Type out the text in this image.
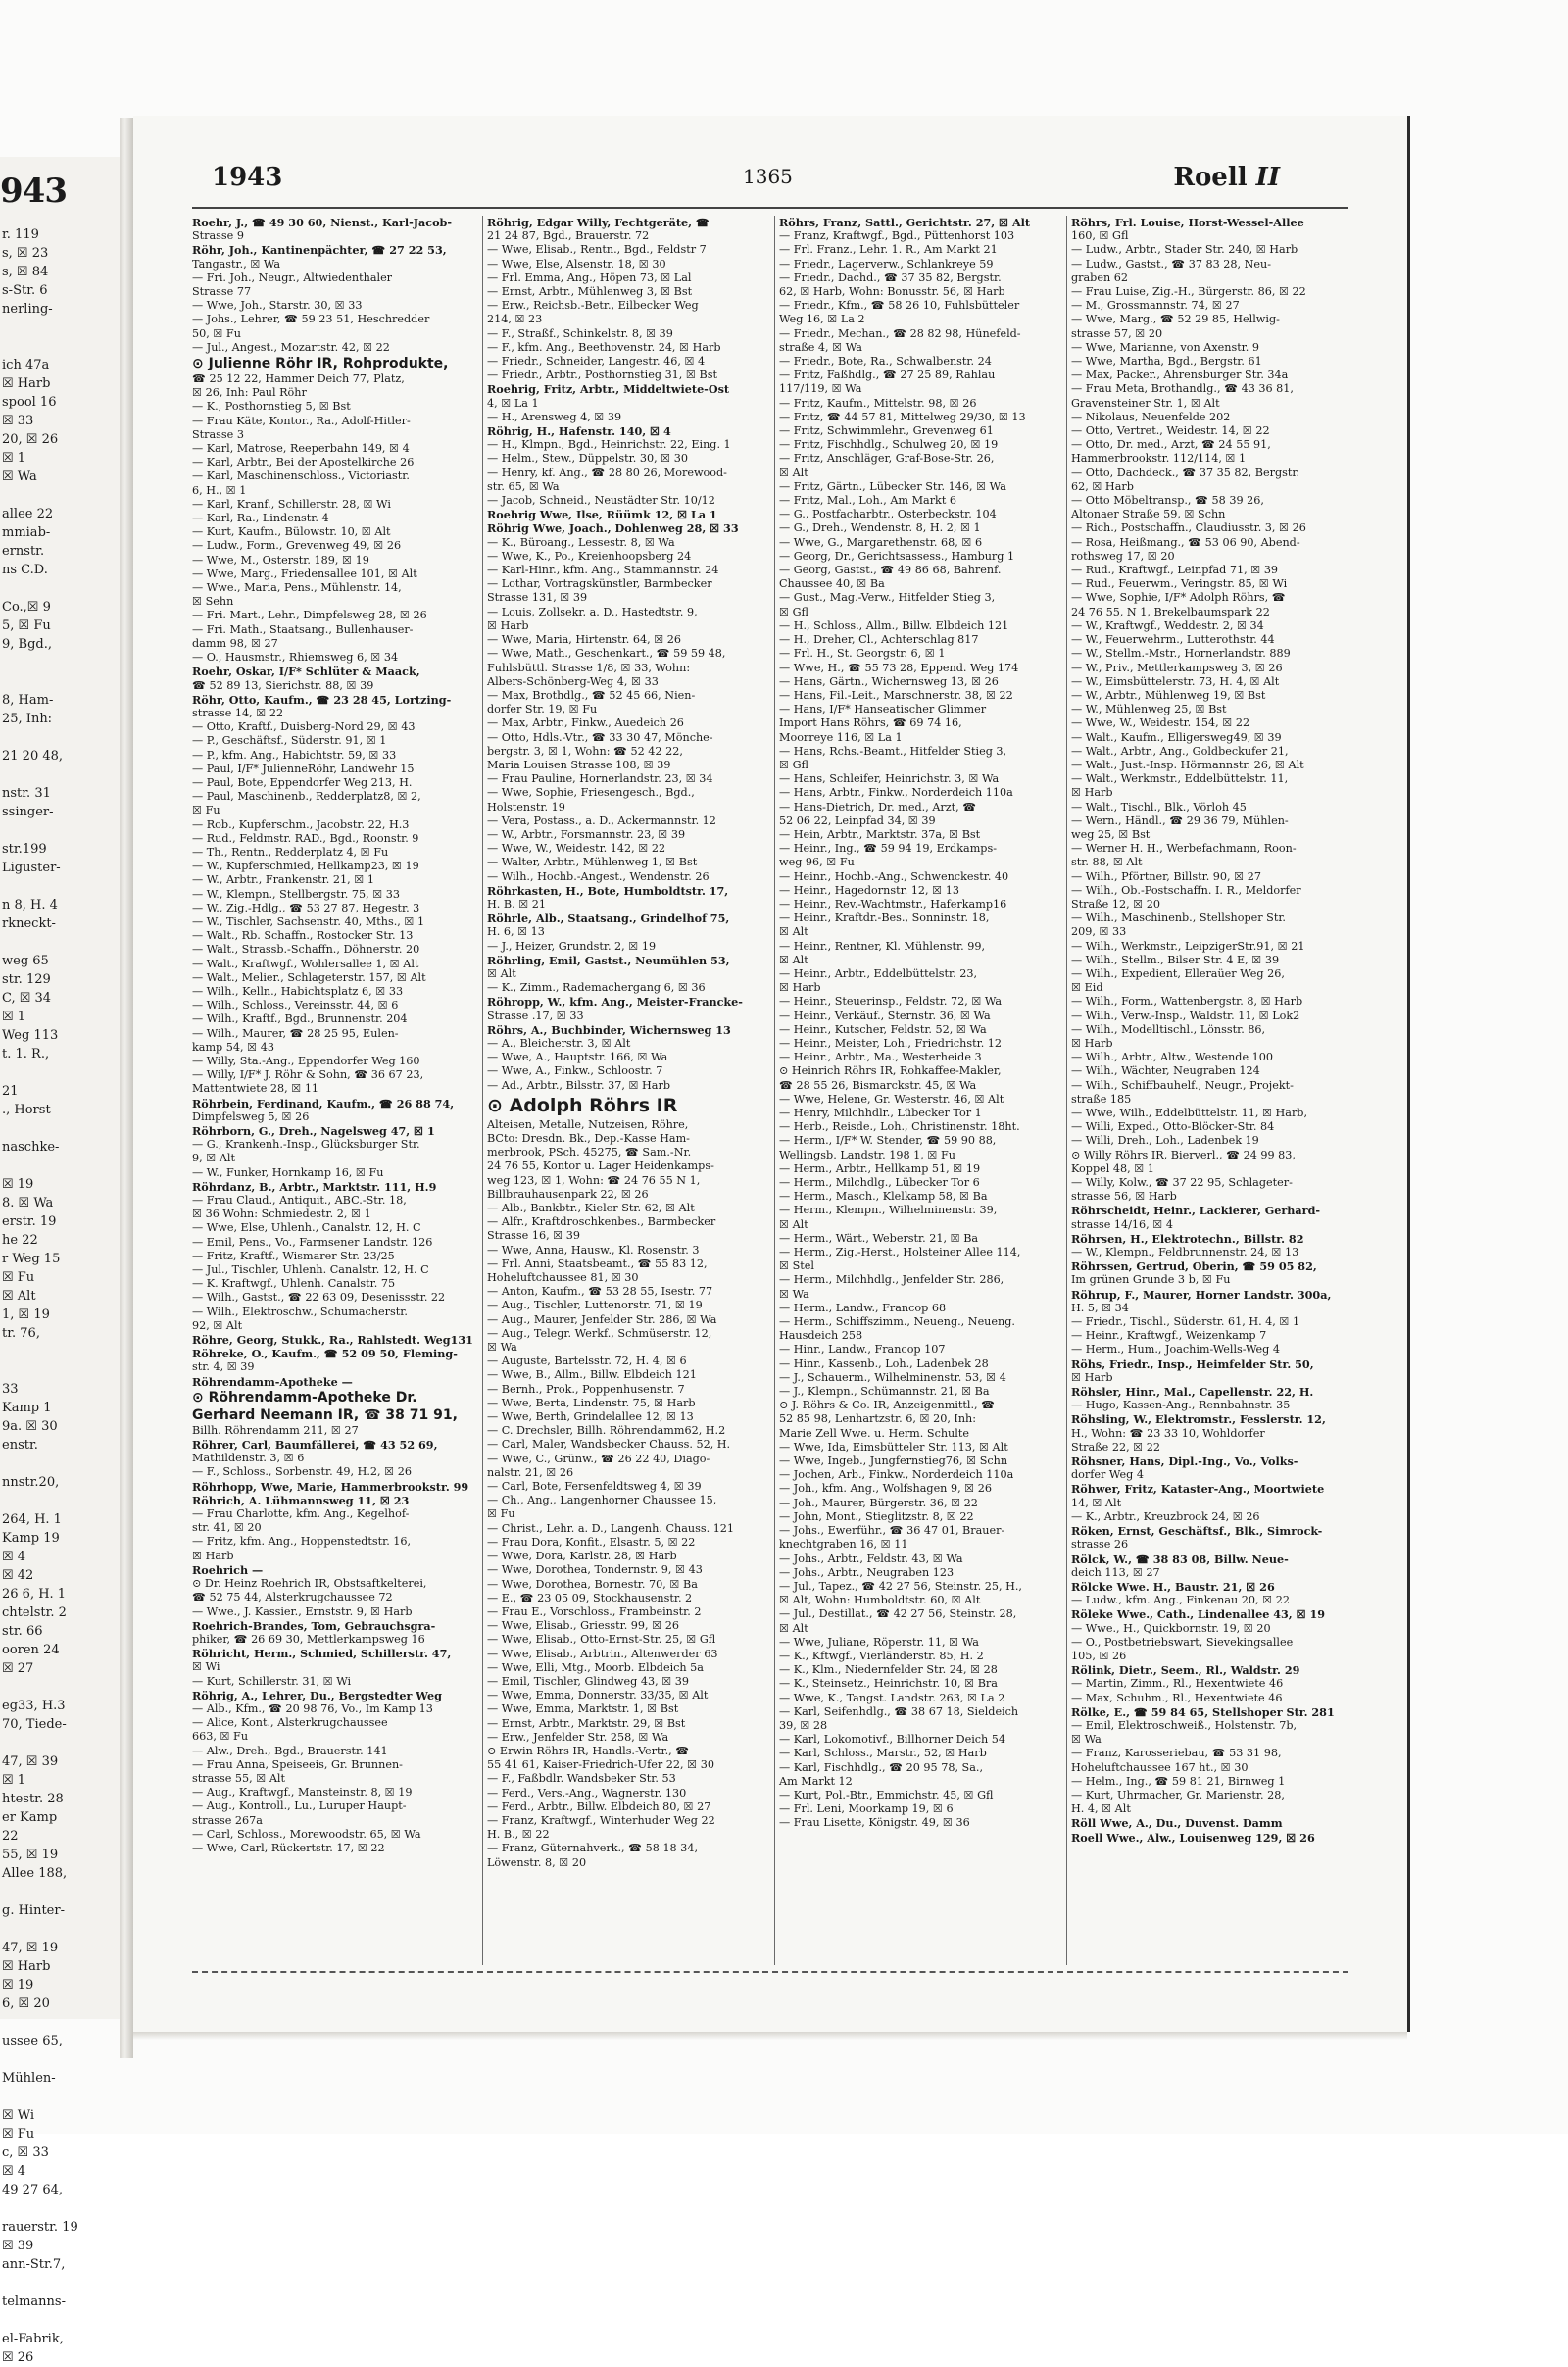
943
r. 119
s, ☒ 23
s, ☒ 84
s-Str. 6
nerling-

ich 47a
☒ Harb
spool 16
☒ 33
20, ☒ 26
☒ 1
☒ Wa

allee 22
mmiab-
ernstr.
ns C.D.

Co.,☒ 9
5, ☒ Fu
9, Bgd.,

8, Ham-
25, Inh:

21 20 48,

nstr. 31
ssinger-

str.199
Liguster-

n 8, H. 4
rkneckt-

weg 65
str. 129
C, ☒ 34
☒ 1
Weg 113
t. 1. R.,

21
., Horst-

naschke-

☒ 19
8. ☒ Wa
erstr. 19
he 22
r Weg 15
☒ Fu
☒ Alt
1, ☒ 19
tr. 76,

33
Kamp 1
9a. ☒ 30
enstr.

nnstr.20,

264, H. 1
Kamp 19
☒ 4
☒ 42
26 6, H. 1
chtelstr. 2
str. 66
ooren 24
☒ 27

eg33, H.3
70, Tiede-

47, ☒ 39
☒ 1
htestr. 28
er Kamp
22
55, ☒ 19
Allee 188,

g. Hinter-

47, ☒ 19
☒ Harb
☒ 19
6, ☒ 20

ussee 65,

Mühlen-

☒ Wi
☒ Fu
c, ☒ 33
☒ 4
49 27 64,

rauerstr. 19
☒ 39
ann-Str.7,

telmanns-

el-Fabrik,
☒ 26
1943	1365	Roell II
Roehr, J., ☎ 49 30 60, Nienst., Karl-Jacob-
Strasse 9
Röhr, Joh., Kantinenpächter, ☎ 27 22 53,
Tangastr., ☒ Wa
— Fri. Joh., Neugr., Altwiedenthaler
Strasse 77
— Wwe, Joh., Starstr. 30, ☒ 33
— Johs., Lehrer, ☎ 59 23 51, Heschredder
50, ☒ Fu
— Jul., Angest., Mozartstr. 42, ☒ 22
⊙ Julienne Röhr IR, Rohprodukte,
☎ 25 12 22, Hammer Deich 77, Platz,
☒ 26, Inh: Paul Röhr
— K., Posthornstieg 5, ☒ Bst
— Frau Käte, Kontor., Ra., Adolf-Hitler-
Strasse 3
— Karl, Matrose, Reeperbahn 149, ☒ 4
— Karl, Arbtr., Bei der Apostelkirche 26
— Karl, Maschinenschloss., Victoriastr.
6, H., ☒ 1
— Karl, Kranf., Schillerstr. 28, ☒ Wi
— Karl, Ra., Lindenstr. 4
— Kurt, Kaufm., Bülowstr. 10, ☒ Alt
— Ludw., Form., Grevenweg 49, ☒ 26
— Wwe, M., Osterstr. 189, ☒ 19
— Wwe, Marg., Friedensallee 101, ☒ Alt
— Wwe., Maria, Pens., Mühlenstr. 14,
☒ Sehn
— Fri. Mart., Lehr., Dimpfelsweg 28, ☒ 26
— Fri. Math., Staatsang., Bullenhauser-
damm 98, ☒ 27
— O., Hausmstr., Rhiemsweg 6, ☒ 34
Roehr, Oskar, I/F* Schlüter & Maack,
☎ 52 89 13, Sierichstr. 88, ☒ 39
Röhr, Otto, Kaufm., ☎ 23 28 45, Lortzing-
strasse 14, ☒ 22
— Otto, Kraftf., Duisberg-Nord 29, ☒ 43
— P., Geschäftsf., Süderstr. 91, ☒ 1
— P., kfm. Ang., Habichtstr. 59, ☒ 33
— Paul, I/F* JulienneRöhr, Landwehr 15
— Paul, Bote, Eppendorfer Weg 213, H.
— Paul, Maschinenb., Redderplatz8, ☒ 2,
☒ Fu
— Rob., Kupferschm., Jacobstr. 22, H.3
— Rud., Feldmstr. RAD., Bgd., Roonstr. 9
— Th., Rentn., Redderplatz 4, ☒ Fu
— W., Kupferschmied, Hellkamp23, ☒ 19
— W., Arbtr., Frankenstr. 21, ☒ 1
— W., Klempn., Stellbergstr. 75, ☒ 33
— W., Zig.-Hdlg., ☎ 53 27 87, Hegestr. 3
— W., Tischler, Sachsenstr. 40, Mths., ☒ 1
— Walt., Rb. Schaffn., Rostocker Str. 13
— Walt., Strassb.-Schaffn., Döhnerstr. 20
— Walt., Kraftwgf., Wohlersallee 1, ☒ Alt
— Walt., Melier., Schlageterstr. 157, ☒ Alt
— Wilh., Kelln., Habichtsplatz 6, ☒ 33
— Wilh., Schloss., Vereinsstr. 44, ☒ 6
— Wilh., Kraftf., Bgd., Brunnenstr. 204
— Wilh., Maurer, ☎ 28 25 95, Eulen-
kamp 54, ☒ 43
— Willy, Sta.-Ang., Eppendorfer Weg 160
— Willy, I/F* J. Röhr & Sohn, ☎ 36 67 23,
Mattentwiete 28, ☒ 11
Röhrbein, Ferdinand, Kaufm., ☎ 26 88 74,
Dimpfelsweg 5, ☒ 26
Röhrborn, G., Dreh., Nagelsweg 47, ☒ 1
— G., Krankenh.-Insp., Glücksburger Str.
9, ☒ Alt
— W., Funker, Hornkamp 16, ☒ Fu
Röhrdanz, B., Arbtr., Marktstr. 111, H.9
— Frau Claud., Antiquit., ABC.-Str. 18,
☒ 36 Wohn: Schmiedestr. 2, ☒ 1
— Wwe, Else, Uhlenh., Canalstr. 12, H. C
— Emil, Pens., Vo., Farmsener Landstr. 126
— Fritz, Kraftf., Wismarer Str. 23/25
— Jul., Tischler, Uhlenh. Canalstr. 12, H. C
— K. Kraftwgf., Uhlenh. Canalstr. 75
— Wilh., Gastst., ☎ 22 63 09, Desenissstr. 22
— Wilh., Elektroschw., Schumacherstr.
92, ☒ Alt
Röhre, Georg, Stukk., Ra., Rahlstedt. Weg131
Röhreke, O., Kaufm., ☎ 52 09 50, Fleming-
str. 4, ☒ 39
Röhrendamm-Apotheke —
⊙ Röhrendamm-Apotheke Dr.
Gerhard Neemann IR, ☎ 38 71 91,
Billh. Röhrendamm 211, ☒ 27
Röhrer, Carl, Baumfällerei, ☎ 43 52 69,
Mathildenstr. 3, ☒ 6
— F., Schloss., Sorbenstr. 49, H.2, ☒ 26
Röhrhopp, Wwe, Marie, Hammerbrookstr. 99
Röhrich, A. Lühmannsweg 11, ☒ 23
— Frau Charlotte, kfm. Ang., Kegelhof-
str. 41, ☒ 20
— Fritz, kfm. Ang., Hoppenstedtstr. 16,
☒ Harb
Roehrich —
⊙ Dr. Heinz Roehrich IR, Obstsaftkelterei,
☎ 52 75 44, Alsterkrugchaussee 72
— Wwe., J. Kassier., Ernststr. 9, ☒ Harb
Roehrich-Brandes, Tom, Gebrauchsgra-
phiker, ☎ 26 69 30, Mettlerkampsweg 16
Röhricht, Herm., Schmied, Schillerstr. 47,
☒ Wi
— Kurt, Schillerstr. 31, ☒ Wi
Röhrig, A., Lehrer, Du., Bergstedter Weg
— Alb., Kfm., ☎ 20 98 76, Vo., Im Kamp 13
— Alice, Kont., Alsterkrugchaussee
663, ☒ Fu
— Alw., Dreh., Bgd., Brauerstr. 141
— Frau Anna, Speiseeis, Gr. Brunnen-
strasse 55, ☒ Alt
— Aug., Kraftwgf., Mansteinstr. 8, ☒ 19
— Aug., Kontroll., Lu., Luruper Haupt-
strasse 267a
— Carl, Schloss., Morewoodstr. 65, ☒ Wa
— Wwe, Carl, Rückertstr. 17, ☒ 22
Röhrig, Edgar Willy, Fechtgeräte, ☎
21 24 87, Bgd., Brauerstr. 72
— Wwe, Elisab., Rentn., Bgd., Feldstr 7
— Wwe, Else, Alsenstr. 18, ☒ 30
— Frl. Emma, Ang., Höpen 73, ☒ Lal
— Ernst, Arbtr., Mühlenweg 3, ☒ Bst
— Erw., Reichsb.-Betr., Eilbecker Weg
214, ☒ 23
— F., Straßf., Schinkelstr. 8, ☒ 39
— F., kfm. Ang., Beethovenstr. 24, ☒ Harb
— Friedr., Schneider, Langestr. 46, ☒ 4
— Friedr., Arbtr., Posthornstieg 31, ☒ Bst
Roehrig, Fritz, Arbtr., Middeltwiete-Ost
4, ☒ La 1
— H., Arensweg 4, ☒ 39
Röhrig, H., Hafenstr. 140, ☒ 4
— H., Klmpn., Bgd., Heinrichstr. 22, Eing. 1
— Helm., Stew., Düppelstr. 30, ☒ 30
— Henry, kf. Ang., ☎ 28 80 26, Morewood-
str. 65, ☒ Wa
— Jacob, Schneid., Neustädter Str. 10/12
Roehrig Wwe, Ilse, Rüümk 12, ☒ La 1
Röhrig Wwe, Joach., Dohlenweg 28, ☒ 33
— K., Büroang., Lessestr. 8, ☒ Wa
— Wwe, K., Po., Kreienhoopsberg 24
— Karl-Hinr., kfm. Ang., Stammannstr. 24
— Lothar, Vortragskünstler, Barmbecker
Strasse 131, ☒ 39
— Louis, Zollsekr. a. D., Hastedtstr. 9,
☒ Harb
— Wwe, Maria, Hirtenstr. 64, ☒ 26
— Wwe, Math., Geschenkart., ☎ 59 59 48,
Fuhlsbüttl. Strasse 1/8, ☒ 33, Wohn:
Albers-Schönberg-Weg 4, ☒ 33
— Max, Brothdlg., ☎ 52 45 66, Nien-
dorfer Str. 19, ☒ Fu
— Max, Arbtr., Finkw., Auedeich 26
— Otto, Hdls.-Vtr., ☎ 33 30 47, Mönche-
bergstr. 3, ☒ 1, Wohn: ☎ 52 42 22,
Maria Louisen Strasse 108, ☒ 39
— Frau Pauline, Hornerlandstr. 23, ☒ 34
— Wwe, Sophie, Friesengesch., Bgd.,
Holstenstr. 19
— Vera, Postass., a. D., Ackermannstr. 12
— W., Arbtr., Forsmannstr. 23, ☒ 39
— Wwe, W., Weidestr. 142, ☒ 22
— Walter, Arbtr., Mühlenweg 1, ☒ Bst
— Wilh., Hochb.-Angest., Wendenstr. 26
Röhrkasten, H., Bote, Humboldtstr. 17,
H. B. ☒ 21
Röhrle, Alb., Staatsang., Grindelhof 75,
H. 6, ☒ 13
— J., Heizer, Grundstr. 2, ☒ 19
Röhrling, Emil, Gastst., Neumühlen 53,
☒ Alt
— K., Zimm., Rademachergang 6, ☒ 36
Röhropp, W., kfm. Ang., Meister-Francke-
Strasse .17, ☒ 33
Röhrs, A., Buchbinder, Wichernsweg 13
— A., Bleicherstr. 3, ☒ Alt
— Wwe, A., Hauptstr. 166, ☒ Wa
— Wwe, A., Finkw., Schloostr. 7
— Ad., Arbtr., Bilsstr. 37, ☒ Harb
⊙ Adolph Röhrs IR
Alteisen, Metalle, Nutzeisen, Röhre,
BCto: Dresdn. Bk., Dep.-Kasse Ham-
merbrook, PSch. 45275, ☎ Sam.-Nr.
24 76 55, Kontor u. Lager Heidenkamps-
weg 123, ☒ 1, Wohn: ☎ 24 76 55 N 1,
Billbrauhausenpark 22, ☒ 26
— Alb., Bankbtr., Kieler Str. 62, ☒ Alt
— Alfr., Kraftdroschkenbes., Barmbecker
Strasse 16, ☒ 39
— Wwe, Anna, Hausw., Kl. Rosenstr. 3
— Frl. Anni, Staatsbeamt., ☎ 55 83 12,
Hoheluftchaussee 81, ☒ 30
— Anton, Kaufm., ☎ 53 28 55, Isestr. 77
— Aug., Tischler, Luttenorstr. 71, ☒ 19
— Aug., Maurer, Jenfelder Str. 286, ☒ Wa
— Aug., Telegr. Werkf., Schmüserstr. 12,
☒ Wa
— Auguste, Bartelsstr. 72, H. 4, ☒ 6
— Wwe, B., Allm., Billw. Elbdeich 121
— Bernh., Prok., Poppenhusenstr. 7
— Wwe, Berta, Lindenstr. 75, ☒ Harb
— Wwe, Berth, Grindelallee 12, ☒ 13
— C. Drechsler, Billh. Röhrendamm62, H.2
— Carl, Maler, Wandsbecker Chauss. 52, H.
— Wwe, C., Grünw., ☎ 26 22 40, Diago-
nalstr. 21, ☒ 26
— Carl, Bote, Fersenfeldtsweg 4, ☒ 39
— Ch., Ang., Langenhorner Chaussee 15,
☒ Fu
— Christ., Lehr. a. D., Langenh. Chauss. 121
— Frau Dora, Konfit., Elsastr. 5, ☒ 22
— Wwe, Dora, Karlstr. 28, ☒ Harb
— Wwe, Dorothea, Tondernstr. 9, ☒ 43
— Wwe, Dorothea, Bornestr. 70, ☒ Ba
— E., ☎ 23 05 09, Stockhausenstr. 2
— Frau E., Vorschloss., Frambeinstr. 2
— Wwe, Elisab., Griesstr. 99, ☒ 26
— Wwe, Elisab., Otto-Ernst-Str. 25, ☒ Gfl
— Wwe, Elisab., Arbtrin., Altenwerder 63
— Wwe, Elli, Mtg., Moorb. Elbdeich 5a
— Emil, Tischler, Glindweg 43, ☒ 39
— Wwe, Emma, Donnerstr. 33/35, ☒ Alt
— Wwe, Emma, Marktstr. 1, ☒ Bst
— Ernst, Arbtr., Marktstr. 29, ☒ Bst
— Erw., Jenfelder Str. 258, ☒ Wa
⊙ Erwin Röhrs IR, Handls.-Vertr., ☎
55 41 61, Kaiser-Friedrich-Ufer 22, ☒ 30
— F., Faßbdlr. Wandsbeker Str. 53
— Ferd., Vers.-Ang., Wagnerstr. 130
— Ferd., Arbtr., Billw. Elbdeich 80, ☒ 27
— Franz, Kraftwgf., Winterhuder Weg 22
H. B., ☒ 22
— Franz, Güternahverk., ☎ 58 18 34,
Löwenstr. 8, ☒ 20
Röhrs, Franz, Sattl., Gerichtstr. 27, ☒ Alt
— Franz, Kraftwgf., Bgd., Püttenhorst 103
— Frl. Franz., Lehr. 1. R., Am Markt 21
— Friedr., Lagerverw., Schlankreye 59
— Friedr., Dachd., ☎ 37 35 82, Bergstr.
62, ☒ Harb, Wohn: Bonusstr. 56, ☒ Harb
— Friedr., Kfm., ☎ 58 26 10, Fuhlsbütteler
Weg 16, ☒ La 2
— Friedr., Mechan., ☎ 28 82 98, Hünefeld-
straße 4, ☒ Wa
— Friedr., Bote, Ra., Schwalbenstr. 24
— Fritz, Faßhdlg., ☎ 27 25 89, Rahlau
117/119, ☒ Wa
— Fritz, Kaufm., Mittelstr. 98, ☒ 26
— Fritz, ☎ 44 57 81, Mittelweg 29/30, ☒ 13
— Fritz, Schwimmlehr., Grevenweg 61
— Fritz, Fischhdlg., Schulweg 20, ☒ 19
— Fritz, Anschläger, Graf-Bose-Str. 26,
☒ Alt
— Fritz, Gärtn., Lübecker Str. 146, ☒ Wa
— Fritz, Mal., Loh., Am Markt 6
— G., Postfacharbtr., Osterbeckstr. 104
— G., Dreh., Wendenstr. 8, H. 2, ☒ 1
— Wwe, G., Margarethenstr. 68, ☒ 6
— Georg, Dr., Gerichtsassess., Hamburg 1
— Georg, Gastst., ☎ 49 86 68, Bahrenf.
Chaussee 40, ☒ Ba
— Gust., Mag.-Verw., Hitfelder Stieg 3,
☒ Gfl
— H., Schloss., Allm., Billw. Elbdeich 121
— H., Dreher, Cl., Achterschlag 817
— Frl. H., St. Georgstr. 6, ☒ 1
— Wwe, H., ☎ 55 73 28, Eppend. Weg 174
— Hans, Gärtn., Wichernsweg 13, ☒ 26
— Hans, Fil.-Leit., Marschnerstr. 38, ☒ 22
— Hans, I/F* Hanseatischer Glimmer
Import Hans Röhrs, ☎ 69 74 16,
Moorreye 116, ☒ La 1
— Hans, Rchs.-Beamt., Hitfelder Stieg 3,
☒ Gfl
— Hans, Schleifer, Heinrichstr. 3, ☒ Wa
— Hans, Arbtr., Finkw., Norderdeich 110a
— Hans-Dietrich, Dr. med., Arzt, ☎
52 06 22, Leinpfad 34, ☒ 39
— Hein, Arbtr., Marktstr. 37a, ☒ Bst
— Heinr., Ing., ☎ 59 94 19, Erdkamps-
weg 96, ☒ Fu
— Heinr., Hochb.-Ang., Schwenckestr. 40
— Heinr., Hagedornstr. 12, ☒ 13
— Heinr., Rev.-Wachtmstr., Haferkamp16
— Heinr., Kraftdr.-Bes., Sonninstr. 18,
☒ Alt
— Heinr., Rentner, Kl. Mühlenstr. 99,
☒ Alt
— Heinr., Arbtr., Eddelbüttelstr. 23,
☒ Harb
— Heinr., Steuerinsp., Feldstr. 72, ☒ Wa
— Heinr., Verkäuf., Sternstr. 36, ☒ Wa
— Heinr., Kutscher, Feldstr. 52, ☒ Wa
— Heinr., Meister, Loh., Friedrichstr. 12
— Heinr., Arbtr., Ma., Westerheide 3
⊙ Heinrich Röhrs IR, Rohkaffee-Makler,
☎ 28 55 26, Bismarckstr. 45, ☒ Wa
— Wwe, Helene, Gr. Westerstr. 46, ☒ Alt
— Henry, Milchhdlr., Lübecker Tor 1
— Herb., Reisde., Loh., Christinenstr. 18ht.
— Herm., I/F* W. Stender, ☎ 59 90 88,
Wellingsb. Landstr. 198 1, ☒ Fu
— Herm., Arbtr., Hellkamp 51, ☒ 19
— Herm., Milchdlg., Lübecker Tor 6
— Herm., Masch., Klelkamp 58, ☒ Ba
— Herm., Klempn., Wilhelminenstr. 39,
☒ Alt
— Herm., Wärt., Weberstr. 21, ☒ Ba
— Herm., Zig.-Herst., Holsteiner Allee 114,
☒ Stel
— Herm., Milchhdlg., Jenfelder Str. 286,
☒ Wa
— Herm., Landw., Francop 68
— Herm., Schiffszimm., Neueng., Neueng.
Hausdeich 258
— Hinr., Landw., Francop 107
— Hinr., Kassenb., Loh., Ladenbek 28
— J., Schauerm., Wilhelminenstr. 53, ☒ 4
— J., Klempn., Schümannstr. 21, ☒ Ba
⊙ J. Röhrs & Co. IR, Anzeigenmittl., ☎
52 85 98, Lenhartzstr. 6, ☒ 20, Inh:
Marie Zell Wwe. u. Herm. Schulte
— Wwe, Ida, Eimsbütteler Str. 113, ☒ Alt
— Wwe, Ingeb., Jungfernstieg76, ☒ Schn
— Jochen, Arb., Finkw., Norderdeich 110a
— Joh., kfm. Ang., Wolfshagen 9, ☒ 26
— Joh., Maurer, Bürgerstr. 36, ☒ 22
— John, Mont., Stieglitzstr. 8, ☒ 22
— Johs., Ewerführ., ☎ 36 47 01, Brauer-
knechtgraben 16, ☒ 11
— Johs., Arbtr., Feldstr. 43, ☒ Wa
— Johs., Arbtr., Neugraben 123
— Jul., Tapez., ☎ 42 27 56, Steinstr. 25, H.,
☒ Alt, Wohn: Humboldtstr. 60, ☒ Alt
— Jul., Destillat., ☎ 42 27 56, Steinstr. 28,
☒ Alt
— Wwe, Juliane, Röperstr. 11, ☒ Wa
— K., Kftwgf., Vierländerstr. 85, H. 2
— K., Klm., Niedernfelder Str. 24, ☒ 28
— K., Steinsetz., Heinrichstr. 10, ☒ Bra
— Wwe, K., Tangst. Landstr. 263, ☒ La 2
— Karl, Seifenhdlg., ☎ 38 67 18, Sieldeich
39, ☒ 28
— Karl, Lokomotivf., Billhorner Deich 54
— Karl, Schloss., Marstr., 52, ☒ Harb
— Karl, Fischhdlg., ☎ 20 95 78, Sa.,
Am Markt 12
— Kurt, Pol.-Btr., Emmichstr. 45, ☒ Gfl
— Frl. Leni, Moorkamp 19, ☒ 6
— Frau Lisette, Königstr. 49, ☒ 36
Röhrs, Frl. Louise, Horst-Wessel-Allee
160, ☒ Gfl
— Ludw., Arbtr., Stader Str. 240, ☒ Harb
— Ludw., Gastst., ☎ 37 83 28, Neu-
graben 62
— Frau Luise, Zig.-H., Bürgerstr. 86, ☒ 22
— M., Grossmannstr. 74, ☒ 27
— Wwe, Marg., ☎ 52 29 85, Hellwig-
strasse 57, ☒ 20
— Wwe, Marianne, von Axenstr. 9
— Wwe, Martha, Bgd., Bergstr. 61
— Max, Packer., Ahrensburger Str. 34a
— Frau Meta, Brothandlg., ☎ 43 36 81,
Gravensteiner Str. 1, ☒ Alt
— Nikolaus, Neuenfelde 202
— Otto, Vertret., Weidestr. 14, ☒ 22
— Otto, Dr. med., Arzt, ☎ 24 55 91,
Hammerbrookstr. 112/114, ☒ 1
— Otto, Dachdeck., ☎ 37 35 82, Bergstr.
62, ☒ Harb
— Otto Möbeltransp., ☎ 58 39 26,
Altonaer Straße 59, ☒ Schn
— Rich., Postschaffn., Claudiusstr. 3, ☒ 26
— Rosa, Heißmang., ☎ 53 06 90, Abend-
rothsweg 17, ☒ 20
— Rud., Kraftwgf., Leinpfad 71, ☒ 39
— Rud., Feuerwm., Veringstr. 85, ☒ Wi
— Wwe, Sophie, I/F* Adolph Röhrs, ☎
24 76 55, N 1, Brekelbaumspark 22
— W., Kraftwgf., Weddestr. 2, ☒ 34
— W., Feuerwehrm., Lutterothstr. 44
— W., Stellm.-Mstr., Hornerlandstr. 889
— W., Priv., Mettlerkampsweg 3, ☒ 26
— W., Eimsbüttelerstr. 73, H. 4, ☒ Alt
— W., Arbtr., Mühlenweg 19, ☒ Bst
— W., Mühlenweg 25, ☒ Bst
— Wwe, W., Weidestr. 154, ☒ 22
— Walt., Kaufm., Elligersweg49, ☒ 39
— Walt., Arbtr., Ang., Goldbeckufer 21,
— Walt., Just.-Insp. Hörmannstr. 26, ☒ Alt
— Walt., Werkmstr., Eddelbüttelstr. 11,
☒ Harb
— Walt., Tischl., Blk., Vörloh 45
— Wern., Händl., ☎ 29 36 79, Mühlen-
weg 25, ☒ Bst
— Werner H. H., Werbefachmann, Roon-
str. 88, ☒ Alt
— Wilh., Pförtner, Billstr. 90, ☒ 27
— Wilh., Ob.-Postschaffn. I. R., Meldorfer
Straße 12, ☒ 20
— Wilh., Maschinenb., Stellshoper Str.
209, ☒ 33
— Wilh., Werkmstr., LeipzigerStr.91, ☒ 21
— Wilh., Stellm., Bilser Str. 4 E, ☒ 39
— Wilh., Expedient, Elleraüer Weg 26,
☒ Eid
— Wilh., Form., Wattenbergstr. 8, ☒ Harb
— Wilh., Verw.-Insp., Waldstr. 11, ☒ Lok2
— Wilh., Modelltischl., Lönsstr. 86,
☒ Harb
— Wilh., Arbtr., Altw., Westende 100
— Wilh., Wächter, Neugraben 124
— Wilh., Schiffbauhelf., Neugr., Projekt-
straße 185
— Wwe, Wilh., Eddelbüttelstr. 11, ☒ Harb,
— Willi, Exped., Otto-Blöcker-Str. 84
— Willi, Dreh., Loh., Ladenbek 19
⊙ Willy Röhrs IR, Bierverl., ☎ 24 99 83,
Koppel 48, ☒ 1
— Willy, Kolw., ☎ 37 22 95, Schlageter-
strasse 56, ☒ Harb
Röhrscheidt, Heinr., Lackierer, Gerhard-
strasse 14/16, ☒ 4
Röhrsen, H., Elektrotechn., Billstr. 82
— W., Klempn., Feldbrunnenstr. 24, ☒ 13
Röhrssen, Gertrud, Oberin, ☎ 59 05 82,
Im grünen Grunde 3 b, ☒ Fu
Röhrup, F., Maurer, Horner Landstr. 300a,
H. 5, ☒ 34
— Friedr., Tischl., Süderstr. 61, H. 4, ☒ 1
— Heinr., Kraftwgf., Weizenkamp 7
— Herm., Hum., Joachim-Wells-Weg 4
Röhs, Friedr., Insp., Heimfelder Str. 50,
☒ Harb
Röhsler, Hinr., Mal., Capellenstr. 22, H.
— Hugo, Kassen-Ang., Rennbahnstr. 35
Röhsling, W., Elektromstr., Fesslerstr. 12,
H., Wohn: ☎ 23 33 10, Wohldorfer
Straße 22, ☒ 22
Röhsner, Hans, Dipl.-Ing., Vo., Volks-
dorfer Weg 4
Röhwer, Fritz, Kataster-Ang., Moortwiete
14, ☒ Alt
— K., Arbtr., Kreuzbrook 24, ☒ 26
Röken, Ernst, Geschäftsf., Blk., Simrock-
strasse 26
Rölck, W., ☎ 38 83 08, Billw. Neue-
deich 113, ☒ 27
Rölcke Wwe. H., Baustr. 21, ☒ 26
— Ludw., kfm. Ang., Finkenau 20, ☒ 22
Röleke Wwe., Cath., Lindenallee 43, ☒ 19
— Wwe., H., Quickbornstr. 19, ☒ 20
— O., Postbetriebswart, Sievekingsallee
105, ☒ 26
Rölink, Dietr., Seem., Rl., Waldstr. 29
— Martin, Zimm., Rl., Hexentwiete 46
— Max, Schuhm., Rl., Hexentwiete 46
Rölke, E., ☎ 59 84 65, Stellshoper Str. 281
— Emil, Elektroschweiß., Holstenstr. 7b,
☒ Wa
— Franz, Karosseriebau, ☎ 53 31 98,
Hoheluftchaussee 167 ht., ☒ 30
— Helm., Ing., ☎ 59 81 21, Birnweg 1
— Kurt, Uhrmacher, Gr. Marienstr. 28,
H. 4, ☒ Alt
Röll Wwe, A., Du., Duvenst. Damm
Roell Wwe., Alw., Louisenweg 129, ☒ 26
